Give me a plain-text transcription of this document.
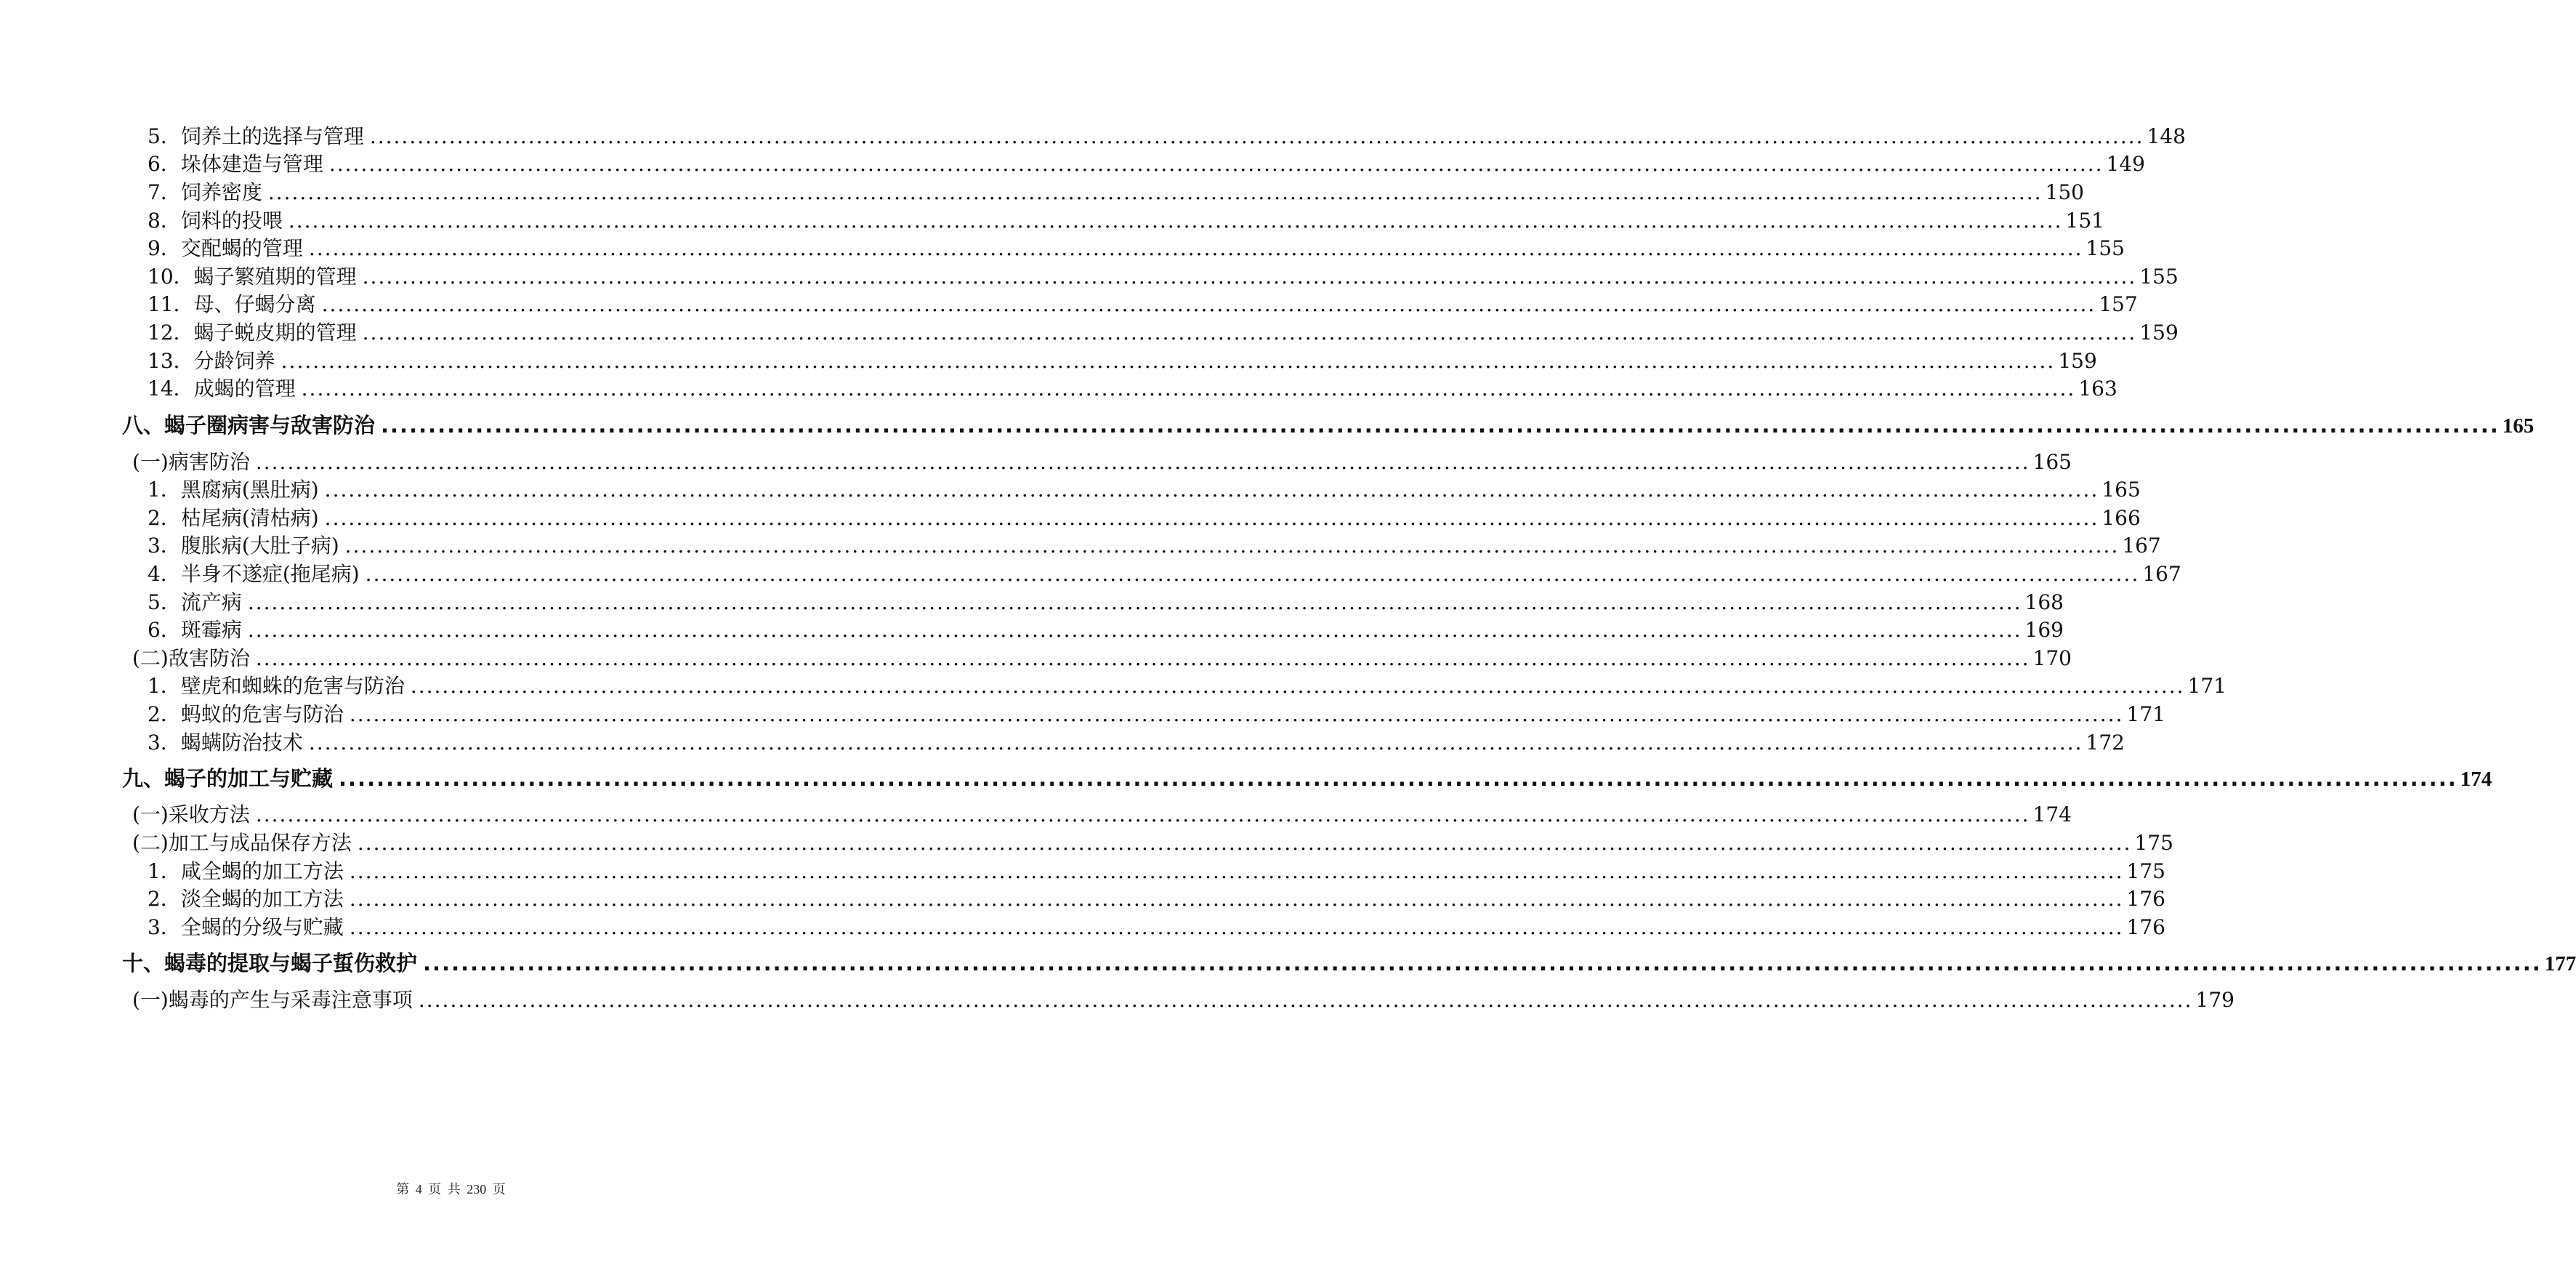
5．饲养土的选择与管理 ................................................................................................................................................................................................................................ 148
6．垛体建造与管理 ................................................................................................................................................................................................................................ 149
7．饲养密度 ................................................................................................................................................................................................................................ 150
8．饲料的投喂 ................................................................................................................................................................................................................................ 151
9．交配蝎的管理 ................................................................................................................................................................................................................................ 155
10．蝎子繁殖期的管理 ................................................................................................................................................................................................................................ 155
11．母、仔蝎分离 ................................................................................................................................................................................................................................ 157
12．蝎子蜕皮期的管理 ................................................................................................................................................................................................................................ 159
13．分龄饲养 ................................................................................................................................................................................................................................ 159
14．成蝎的管理 ................................................................................................................................................................................................................................ 163
八、蝎子圈病害与敌害防治 ................................................................................................................................................................................................................................ 165
(一)病害防治 ................................................................................................................................................................................................................................ 165
1．黑腐病(黑肚病) ................................................................................................................................................................................................................................ 165
2．枯尾病(清枯病) ................................................................................................................................................................................................................................ 166
3．腹胀病(大肚子病) ................................................................................................................................................................................................................................ 167
4．半身不遂症(拖尾病) ................................................................................................................................................................................................................................ 167
5．流产病 ................................................................................................................................................................................................................................ 168
6．斑霉病 ................................................................................................................................................................................................................................ 169
(二)敌害防治 ................................................................................................................................................................................................................................ 170
1．壁虎和蜘蛛的危害与防治 ................................................................................................................................................................................................................................ 171
2．蚂蚁的危害与防治 ................................................................................................................................................................................................................................ 171
3．蝎螨防治技术 ................................................................................................................................................................................................................................ 172
九、蝎子的加工与贮藏 ................................................................................................................................................................................................................................ 174
(一)采收方法 ................................................................................................................................................................................................................................ 174
(二)加工与成品保存方法 ................................................................................................................................................................................................................................ 175
1．咸全蝎的加工方法 ................................................................................................................................................................................................................................ 175
2．淡全蝎的加工方法 ................................................................................................................................................................................................................................ 176
3．全蝎的分级与贮藏 ................................................................................................................................................................................................................................ 176
十、蝎毒的提取与蝎子蜇伤救护 ................................................................................................................................................................................................................................ 177
(一)蝎毒的产生与采毒注意事项 ................................................................................................................................................................................................................................ 179
第 4 页 共 230 页
